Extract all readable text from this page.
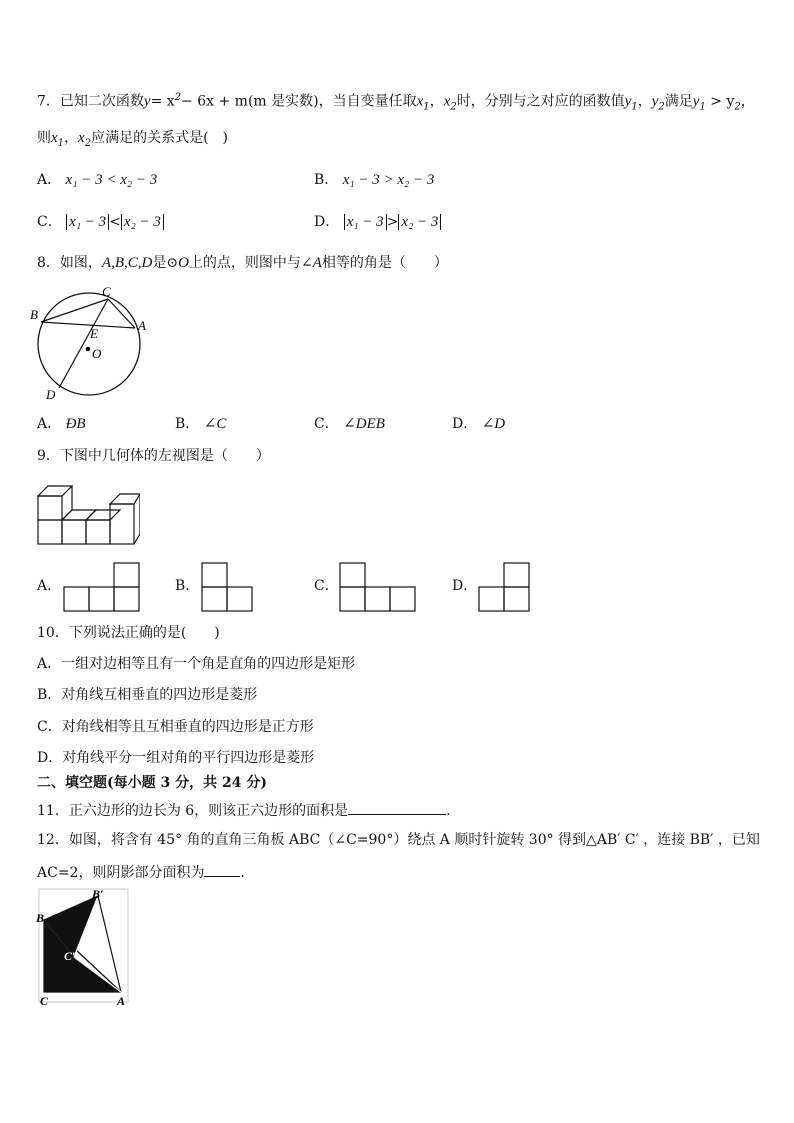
7．已知二次函数$y= x^2- 6x + m(m$ 是实数)，当自变量任取$x_1$，$x_2$时，分别与之对应的函数值$y_1$，$y_2$满足$y_1 > y_2$，
则$x_1$，$x_2$应满足的关系式是(　)
A． x₁ − 3 < x₂ − 3	B． x₁ − 3 > x₂ − 3
C． x₁ − 3 < x₂ − 3	D． x₁ − 3 > x₂ − 3
8．如图，A,B,C,D是⊙O上的点，则图中与∠A相等的角是（　　）
B
C
A
E
O
D
A． ÐB	B． ∠C	C． ∠DEB	D． ∠D
9．下图中几何体的左视图是（　　）
A．	B．	C．	D．
10．下列说法正确的是(　　)
A．一组对边相等且有一个角是直角的四边形是矩形
B．对角线互相垂直的四边形是菱形
C．对角线相等且互相垂直的四边形是正方形
D．对角线平分一组对角的平行四边形是菱形
二、填空题(每小题 3 分，共 24 分)
11．正六边形的边长为 6，则该正六边形的面积是	.
12．如图，将含有 45° 角的直角三角板 ABC（∠C=90°）绕点 A 顺时针旋转 30° 得到△AB′ C′ ，连接 BB′ ，已知
AC=2，则阴影部分面积为	．
B′
B
C′
C	A
